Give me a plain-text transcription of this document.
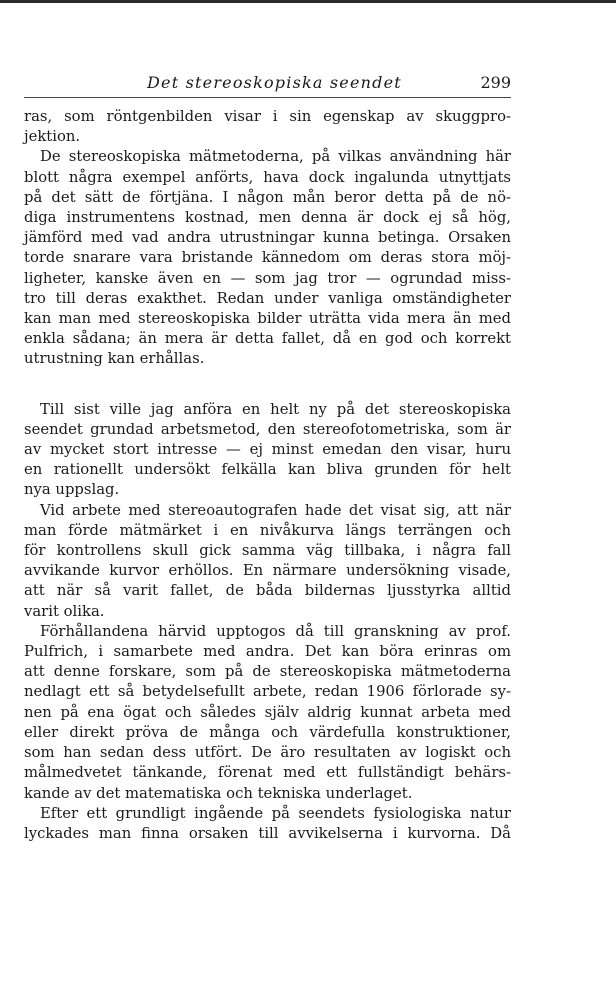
Det stereoskopiska seendet	299

ras, som röntgenbilden visar i sin egenskap av skuggpro-
jektion.

De stereoskopiska mätmetoderna, på vilkas användning här
blott några exempel anförts, hava dock ingalunda utnyttjats
på det sätt de förtjäna. I någon mån beror detta på de nö-
diga instrumentens kostnad, men denna är dock ej så hög,
jämförd med vad andra utrustningar kunna betinga. Orsaken
torde snarare vara bristande kännedom om deras stora möj-
ligheter, kanske även en — som jag tror — ogrundad miss-
tro till deras exakthet. Redan under vanliga omständigheter
kan man med stereoskopiska bilder uträtta vida mera än med
enkla sådana; än mera är detta fallet, då en god och korrekt
utrustning kan erhållas.

Till sist ville jag anföra en helt ny på det stereoskopiska
seendet grundad arbetsmetod, den stereofotometriska, som är
av mycket stort intresse — ej minst emedan den visar, huru
en rationellt undersökt felkälla kan bliva grunden för helt
nya uppslag.

Vid arbete med stereoautografen hade det visat sig, att när
man förde mätmärket i en nivåkurva längs terrängen och
för kontrollens skull gick samma väg tillbaka, i några fall
avvikande kurvor erhöllos. En närmare undersökning visade,
att när så varit fallet, de båda bildernas ljusstyrka alltid
varit olika.

Förhållandena härvid upptogos då till granskning av prof.
Pulfrich, i samarbete med andra. Det kan böra erinras om
att denne forskare, som på de stereoskopiska mätmetoderna
nedlagt ett så betydelsefullt arbete, redan 1906 förlorade sy-
nen på ena ögat och således själv aldrig kunnat arbeta med
eller direkt pröva de många och värdefulla konstruktioner,
som han sedan dess utfört. De äro resultaten av logiskt och
målmedvetet tänkande, förenat med ett fullständigt behärs-
kande av det matematiska och tekniska underlaget.

Efter ett grundligt ingående på seendets fysiologiska natur
lyckades man finna orsaken till avvikelserna i kurvorna. Då
